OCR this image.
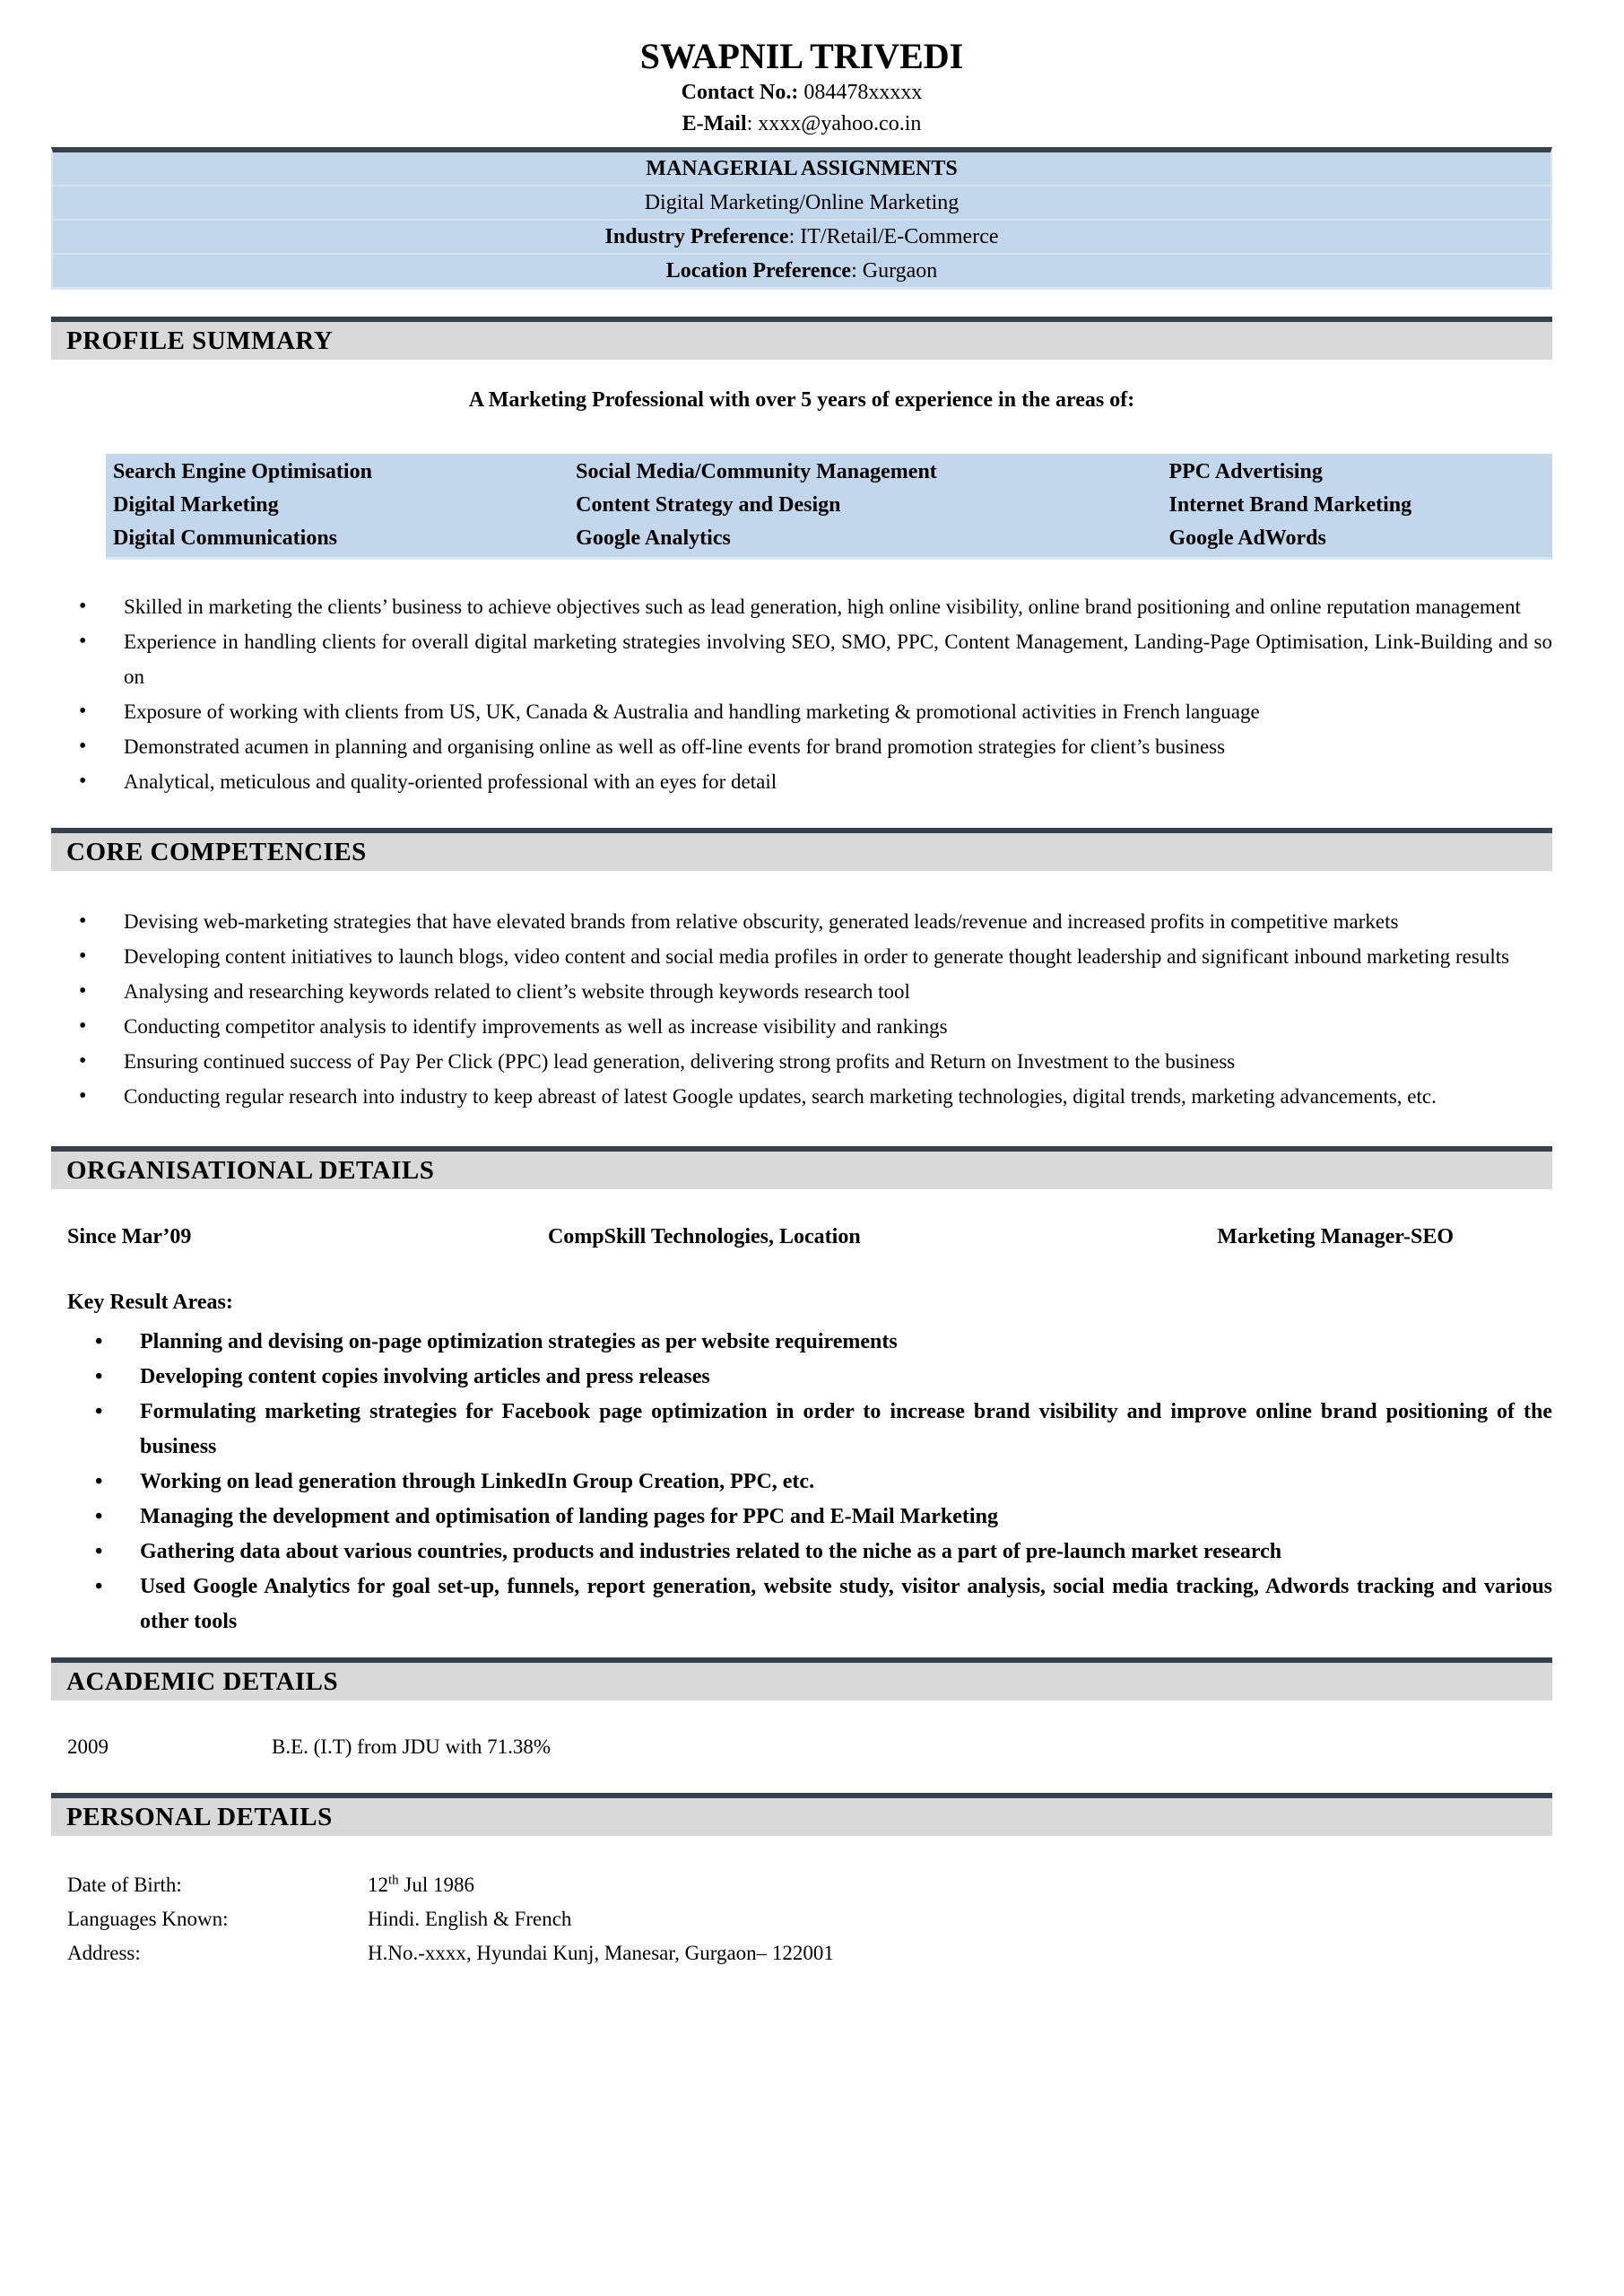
SWAPNIL TRIVEDI
Contact No.: 084478xxxxx
E-Mail: xxxx@yahoo.co.in
MANAGERIAL ASSIGNMENTS
Digital Marketing/Online Marketing
Industry Preference: IT/Retail/E-Commerce
Location Preference: Gurgaon
PROFILE SUMMARY

A Marketing Professional with over 5 years of experience in the areas of:

Search Engine Optimisation	Social Media/Community Management	PPC Advertising
Digital Marketing	Content Strategy and Design	Internet Brand Marketing
Digital Communications	Google Analytics	Google AdWords
•	Skilled in marketing the clients’ business to achieve objectives such as lead generation, high online visibility, online brand positioning and online reputation management
•	Experience in handling clients for overall digital marketing strategies involving SEO, SMO, PPC, Content Management, Landing-Page Optimisation, Link-Building and so on
•	Exposure of working with clients from US, UK, Canada & Australia and handling marketing & promotional activities in French language
•	Demonstrated acumen in planning and organising online as well as off-line events for brand promotion strategies for client’s business
•	Analytical, meticulous and quality-oriented professional with an eyes for detail
CORE COMPETENCIES
•	Devising web-marketing strategies that have elevated brands from relative obscurity, generated leads/revenue and increased profits in competitive markets
•	Developing content initiatives to launch blogs, video content and social media profiles in order to generate thought leadership and significant inbound marketing results
•	Analysing and researching keywords related to client’s website through keywords research tool
•	Conducting competitor analysis to identify improvements as well as increase visibility and rankings
•	Ensuring continued success of Pay Per Click (PPC) lead generation, delivering strong profits and Return on Investment to the business
•	Conducting regular research into industry to keep abreast of latest Google updates, search marketing technologies, digital trends, marketing advancements, etc.
ORGANISATIONAL DETAILS
Since Mar’09	CompSkill Technologies, Location	Marketing Manager-SEO

Key Result Areas:

•	Planning and devising on-page optimization strategies as per website requirements
•	Developing content copies involving articles and press releases
•	Formulating marketing strategies for Facebook page optimization in order to increase brand visibility and improve online brand positioning of the business
•	Working on lead generation through LinkedIn Group Creation, PPC, etc.
•	Managing the development and optimisation of landing pages for PPC and E-Mail Marketing
•	Gathering data about various countries, products and industries related to the niche as a part of pre-launch market research
•	Used Google Analytics for goal set-up, funnels, report generation, website study, visitor analysis, social media tracking, Adwords tracking and various other tools
ACADEMIC DETAILS
2009	B.E. (I.T) from JDU with 71.38%
PERSONAL DETAILS
Date of Birth:	12th Jul 1986
Languages Known:	Hindi. English & French
Address:	H.No.-xxxx, Hyundai Kunj, Manesar, Gurgaon– 122001
